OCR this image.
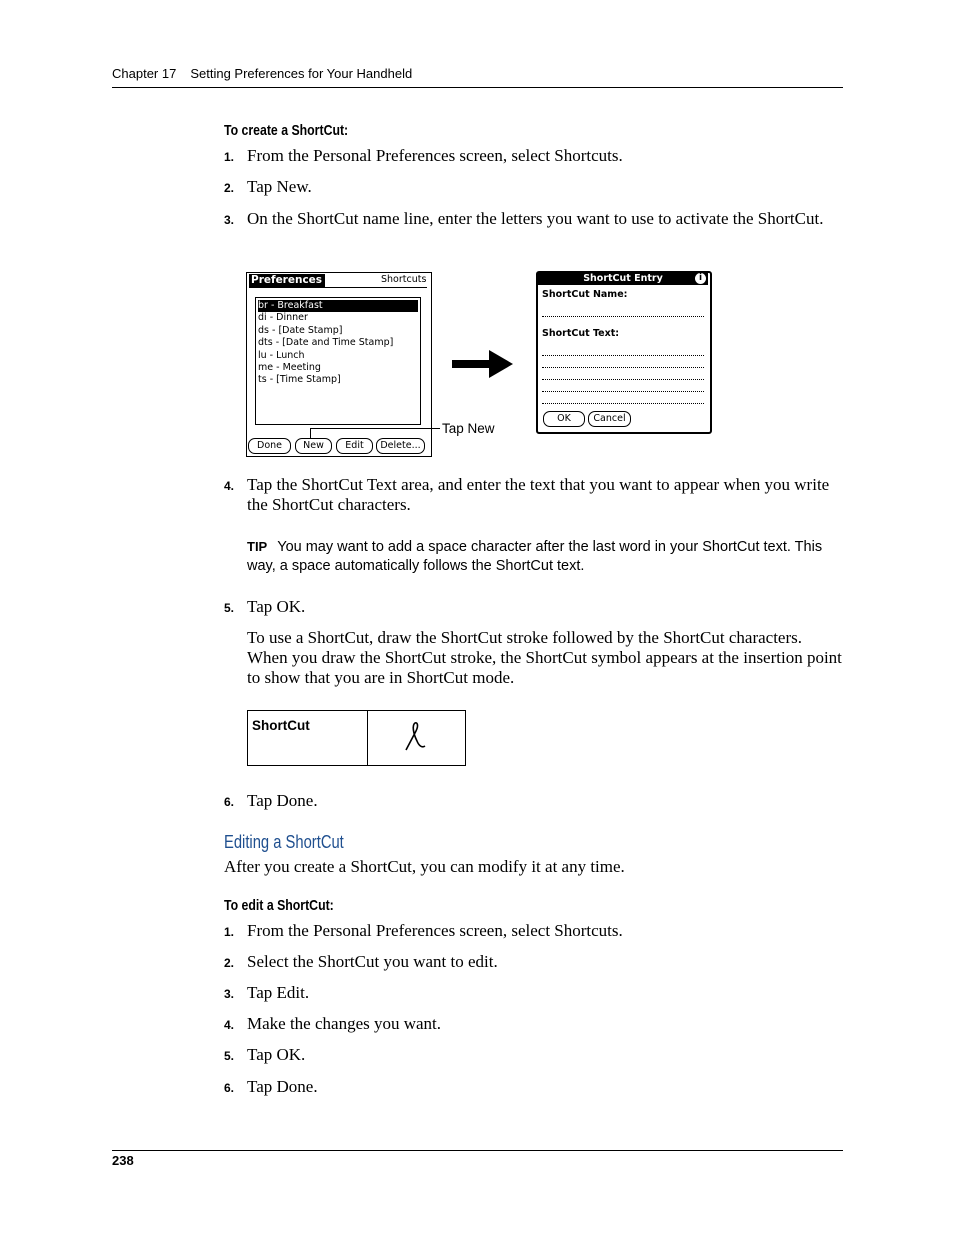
Chapter 17 Setting Preferences for Your Handheld
To create a ShortCut:
1. From the Personal Preferences screen, select Shortcuts.
2. Tap New.
3. On the ShortCut name line, enter the letters you want to use to activate the ShortCut.
Preferences	Shortcuts
br - Breakfast
di - Dinner
ds - [Date Stamp]
dts - [Date and Time Stamp]
lu - Lunch
me - Meeting
ts - [Time Stamp]
Done	New	Edit	Delete...
Tap New
ShortCut Entry	i
ShortCut Name:
ShortCut Text:
OK	Cancel
4. Tap the ShortCut Text area, and enter the text that you want to appear when you write the ShortCut characters.
TIP You may want to add a space character after the last word in your ShortCut text. This way, a space automatically follows the ShortCut text.
5. Tap OK.
To use a ShortCut, draw the ShortCut stroke followed by the ShortCut characters. When you draw the ShortCut stroke, the ShortCut symbol appears at the insertion point to show that you are in ShortCut mode.
ShortCut
6. Tap Done.
Editing a ShortCut
After you create a ShortCut, you can modify it at any time.
To edit a ShortCut:
1. From the Personal Preferences screen, select Shortcuts.
2. Select the ShortCut you want to edit.
3. Tap Edit.
4. Make the changes you want.
5. Tap OK.
6. Tap Done.
238
